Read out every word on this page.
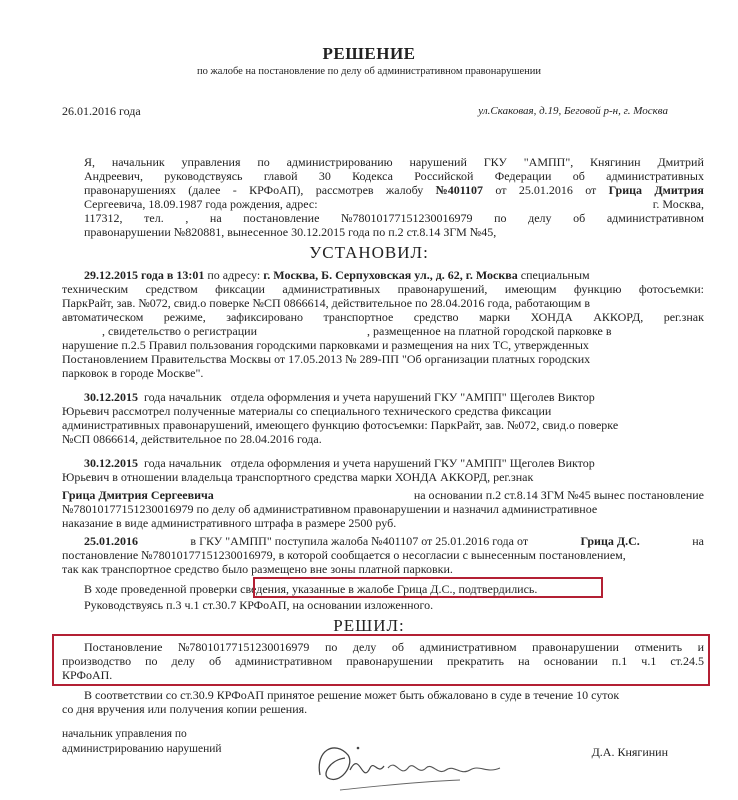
РЕШЕНИЕ
по жалобе на постановление по делу об административном правонарушении
26.01.2016 года	ул.Скаковая, д.19, Беговой р-н, г. Москва
Я, начальник управления по администрированию нарушений ГКУ "АМПП", Княгинин Дмитрий
Андреевич, руководствуясь главой 30 Кодекса Российской Федерации об административных
правонарушениях (далее - КРФоАП), рассмотрев жалобу №401107 от 25.01.2016 от Грица Дмитрия
Сергеевича, 18.09.1987 года рождения, адрес:	г. Москва,
117312, тел. , на постановление №78010177151230016979 по делу об административном
правонарушении №820881, вынесенное 30.12.2015 года по п.2 ст.8.14 ЗГМ №45,
УСТАНОВИЛ:
29.12.2015 года в 13:01 по адресу: г. Москва, Б. Серпуховская ул., д. 62, г. Москва специальным
техническим средством фиксации административных правонарушений, имеющим функцию фотосъемки:
ПаркРайт, зав. №072, свид.о поверке №СП 0866614, действительное по 28.04.2016 года, работающим в
автоматическом режиме, зафиксировано транспортное средство марки ХОНДА АККОРД, рег.знак
, свидетельство о регистрации	, размещенное на платной городской парковке в
нарушение п.2.5 Правил пользования городскими парковками и размещения на них ТС, утвержденных
Постановлением Правительства Москвы от 17.05.2013 № 289-ПП "Об организации платных городских
парковок в городе Москве".
30.12.2015 года начальник   отдела оформления и учета нарушений ГКУ "АМПП" Щеголев Виктор
Юрьевич рассмотрел полученные материалы со специального технического средства фиксации
административных правонарушений, имеющего функцию фотосъемки: ПаркРайт, зав. №072, свид.о поверке
№СП 0866614, действительное по 28.04.2016 года.
30.12.2015 года начальник   отдела оформления и учета нарушений ГКУ "АМПП" Щеголев Виктор
Юрьевич в отношении владельца транспортного средства марки ХОНДА АККОРД, рег.знак
Грица Дмитрия Сергеевича	на основании п.2 ст.8.14 ЗГМ №45 вынес постановление
№78010177151230016979 по делу об административном правонарушении и назначил административное
наказание в виде административного штрафа в размере 2500 руб.
25.01.2016	в ГКУ "АМПП" поступила жалоба №401107 от 25.01.2016 года от	Грица Д.С.	на
постановление №78010177151230016979, в которой сообщается о несогласии с вынесенным постановлением,
так как транспортное средство было размещено вне зоны платной парковки.
В ходе проведенной проверки сведения, указанные в жалобе Грица Д.С., подтвердились.
Руководствуясь п.3 ч.1 ст.30.7 КРФоАП, на основании изложенного.
РЕШИЛ:
Постановление №78010177151230016979 по делу об административном правонарушении отменить и
производство по делу об административном правонарушении прекратить на основании п.1 ч.1 ст.24.5
КРФоАП.
В соответствии со ст.30.9 КРФоАП принятое решение может быть обжаловано в суде в течение 10 суток
со дня вручения или получения копии решения.
начальник управления по
администрированию нарушений	Д.А. Княгинин
